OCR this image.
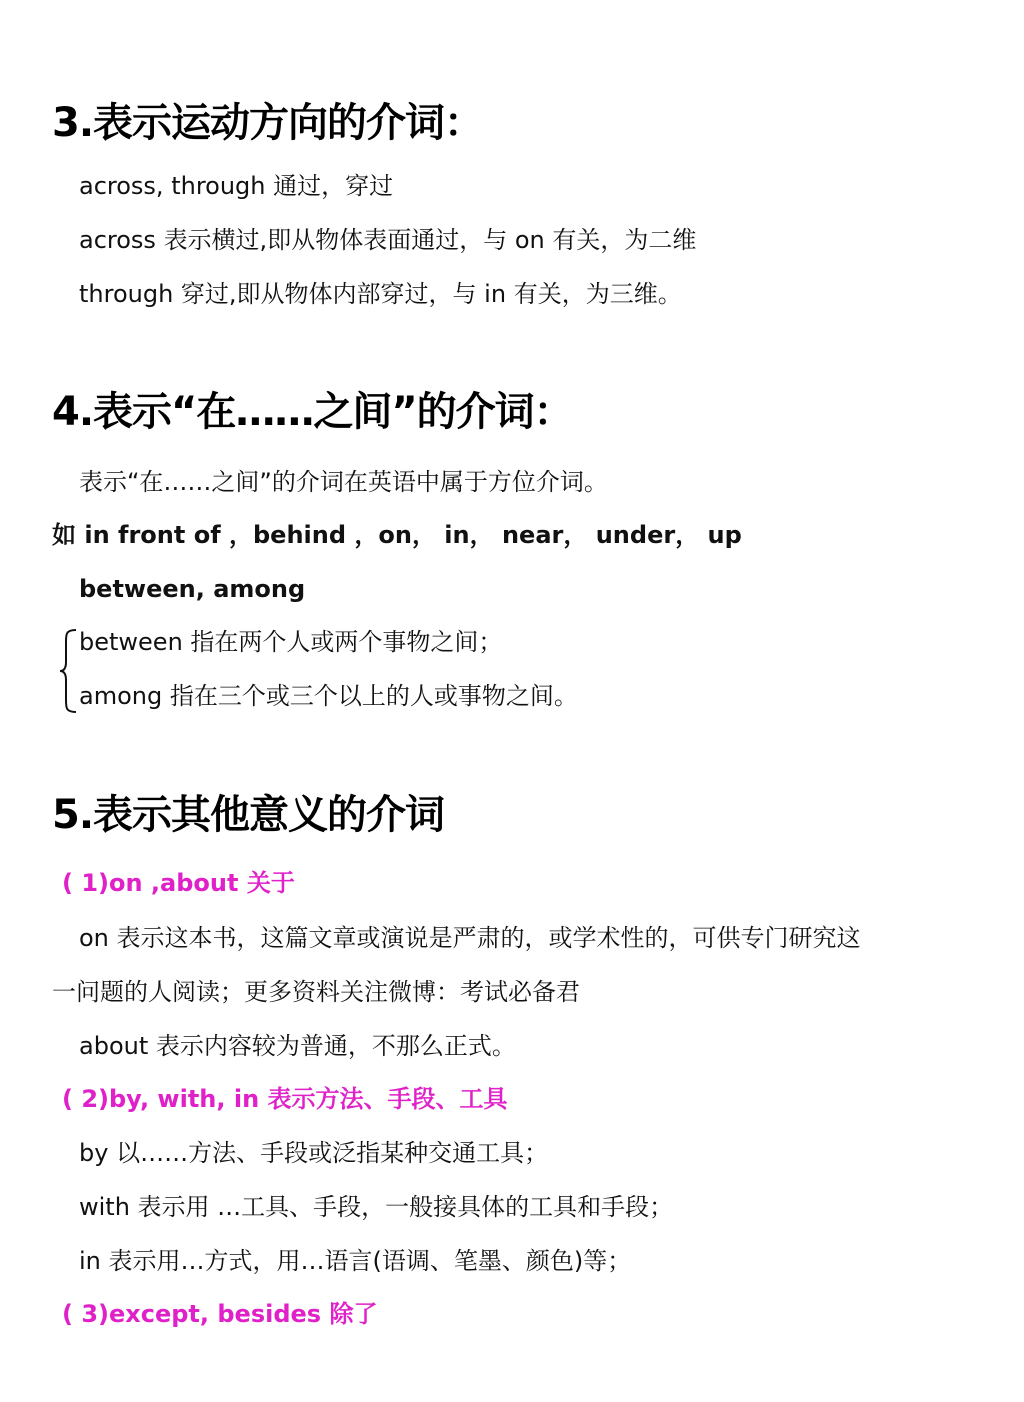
3.表示运动方向的介词：
across, through 通过，穿过
across 表示横过,即从物体表面通过，与 on 有关，为二维
through 穿过,即从物体内部穿过，与 in 有关，为三维。
4.表示“在……之间”的介词：
表示“在……之间”的介词在英语中属于方位介词。
如 in front of ，behind ，on， in， near， under， up
between, among
between 指在两个人或两个事物之间；
among 指在三个或三个以上的人或事物之间。
5.表示其他意义的介词
( 1)on ,about 关于
on 表示这本书，这篇文章或演说是严肃的，或学术性的，可供专门研究这
一问题的人阅读；更多资料关注微博：考试必备君
about 表示内容较为普通，不那么正式。
( 2)by, with, in 表示方法、手段、工具
by 以……方法、手段或泛指某种交通工具；
with 表示用 …工具、手段，一般接具体的工具和手段；
in 表示用…方式，用…语言(语调、笔墨、颜色)等；
( 3)except, besides 除了
